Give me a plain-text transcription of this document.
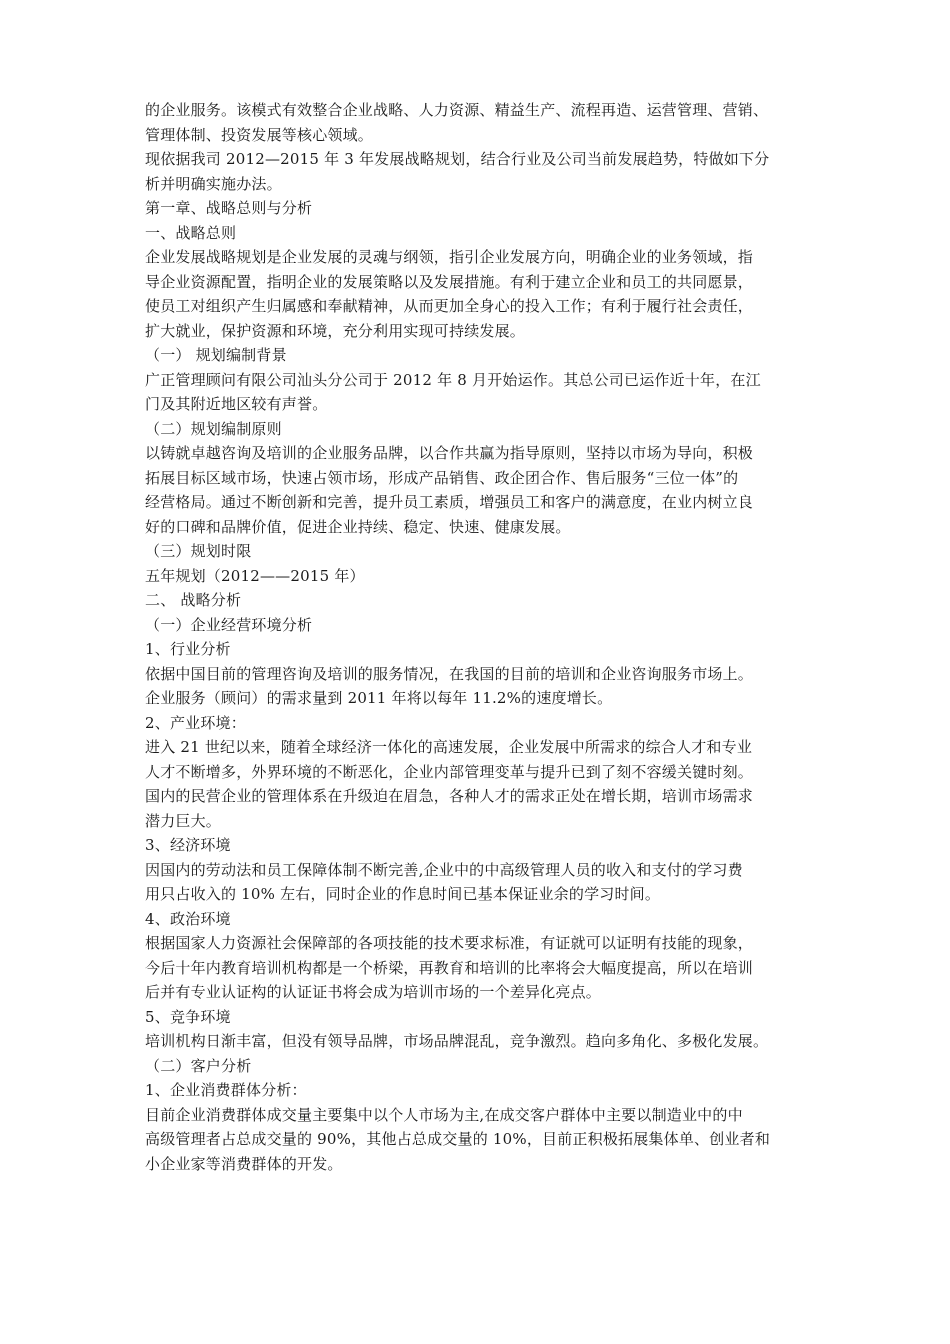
的企业服务。该模式有效整合企业战略、人力资源、精益生产、流程再造、运营管理、营销、
管理体制、投资发展等核心领域。
现依据我司 2012—2015 年 3 年发展战略规划，结合行业及公司当前发展趋势，特做如下分
析并明确实施办法。
第一章、战略总则与分析
一、战略总则
企业发展战略规划是企业发展的灵魂与纲领，指引企业发展方向，明确企业的业务领域，指
导企业资源配置，指明企业的发展策略以及发展措施。有利于建立企业和员工的共同愿景，
使员工对组织产生归属感和奉献精神，从而更加全身心的投入工作；有利于履行社会责任，
扩大就业，保护资源和环境，充分利用实现可持续发展。
（一） 规划编制背景
广正管理顾问有限公司汕头分公司于 2012 年 8 月开始运作。其总公司已运作近十年，在江
门及其附近地区较有声誉。
（二）规划编制原则
以铸就卓越咨询及培训的企业服务品牌，以合作共赢为指导原则，坚持以市场为导向，积极
拓展目标区域市场，快速占领市场，形成产品销售、政企团合作、售后服务“三位一体”的
经营格局。通过不断创新和完善，提升员工素质，增强员工和客户的满意度，在业内树立良
好的口碑和品牌价值，促进企业持续、稳定、快速、健康发展。
（三）规划时限
五年规划（2012——2015 年）
二、 战略分析
（一）企业经营环境分析
1、行业分析
依据中国目前的管理咨询及培训的服务情况，在我国的目前的培训和企业咨询服务市场上。
企业服务（顾问）的需求量到 2011 年将以每年 11.2%的速度增长。
2、产业环境：
进入 21 世纪以来，随着全球经济一体化的高速发展，企业发展中所需求的综合人才和专业
人才不断增多，外界环境的不断恶化，企业内部管理变革与提升已到了刻不容缓关键时刻。
国内的民营企业的管理体系在升级迫在眉急，各种人才的需求正处在增长期，培训市场需求
潜力巨大。
3、经济环境
因国内的劳动法和员工保障体制不断完善,企业中的中高级管理人员的收入和支付的学习费
用只占收入的 10% 左右，同时企业的作息时间已基本保证业余的学习时间。
4、政治环境
根据国家人力资源社会保障部的各项技能的技术要求标准，有证就可以证明有技能的现象，
今后十年内教育培训机构都是一个桥梁，再教育和培训的比率将会大幅度提高，所以在培训
后并有专业认证构的认证证书将会成为培训市场的一个差异化亮点。
5、竞争环境
培训机构日渐丰富，但没有领导品牌，市场品牌混乱，竞争激烈。趋向多角化、多极化发展。
（二）客户分析
1、企业消费群体分析：
目前企业消费群体成交量主要集中以个人市场为主,在成交客户群体中主要以制造业中的中
高级管理者占总成交量的 90%，其他占总成交量的 10%，目前正积极拓展集体单、创业者和
小企业家等消费群体的开发。
